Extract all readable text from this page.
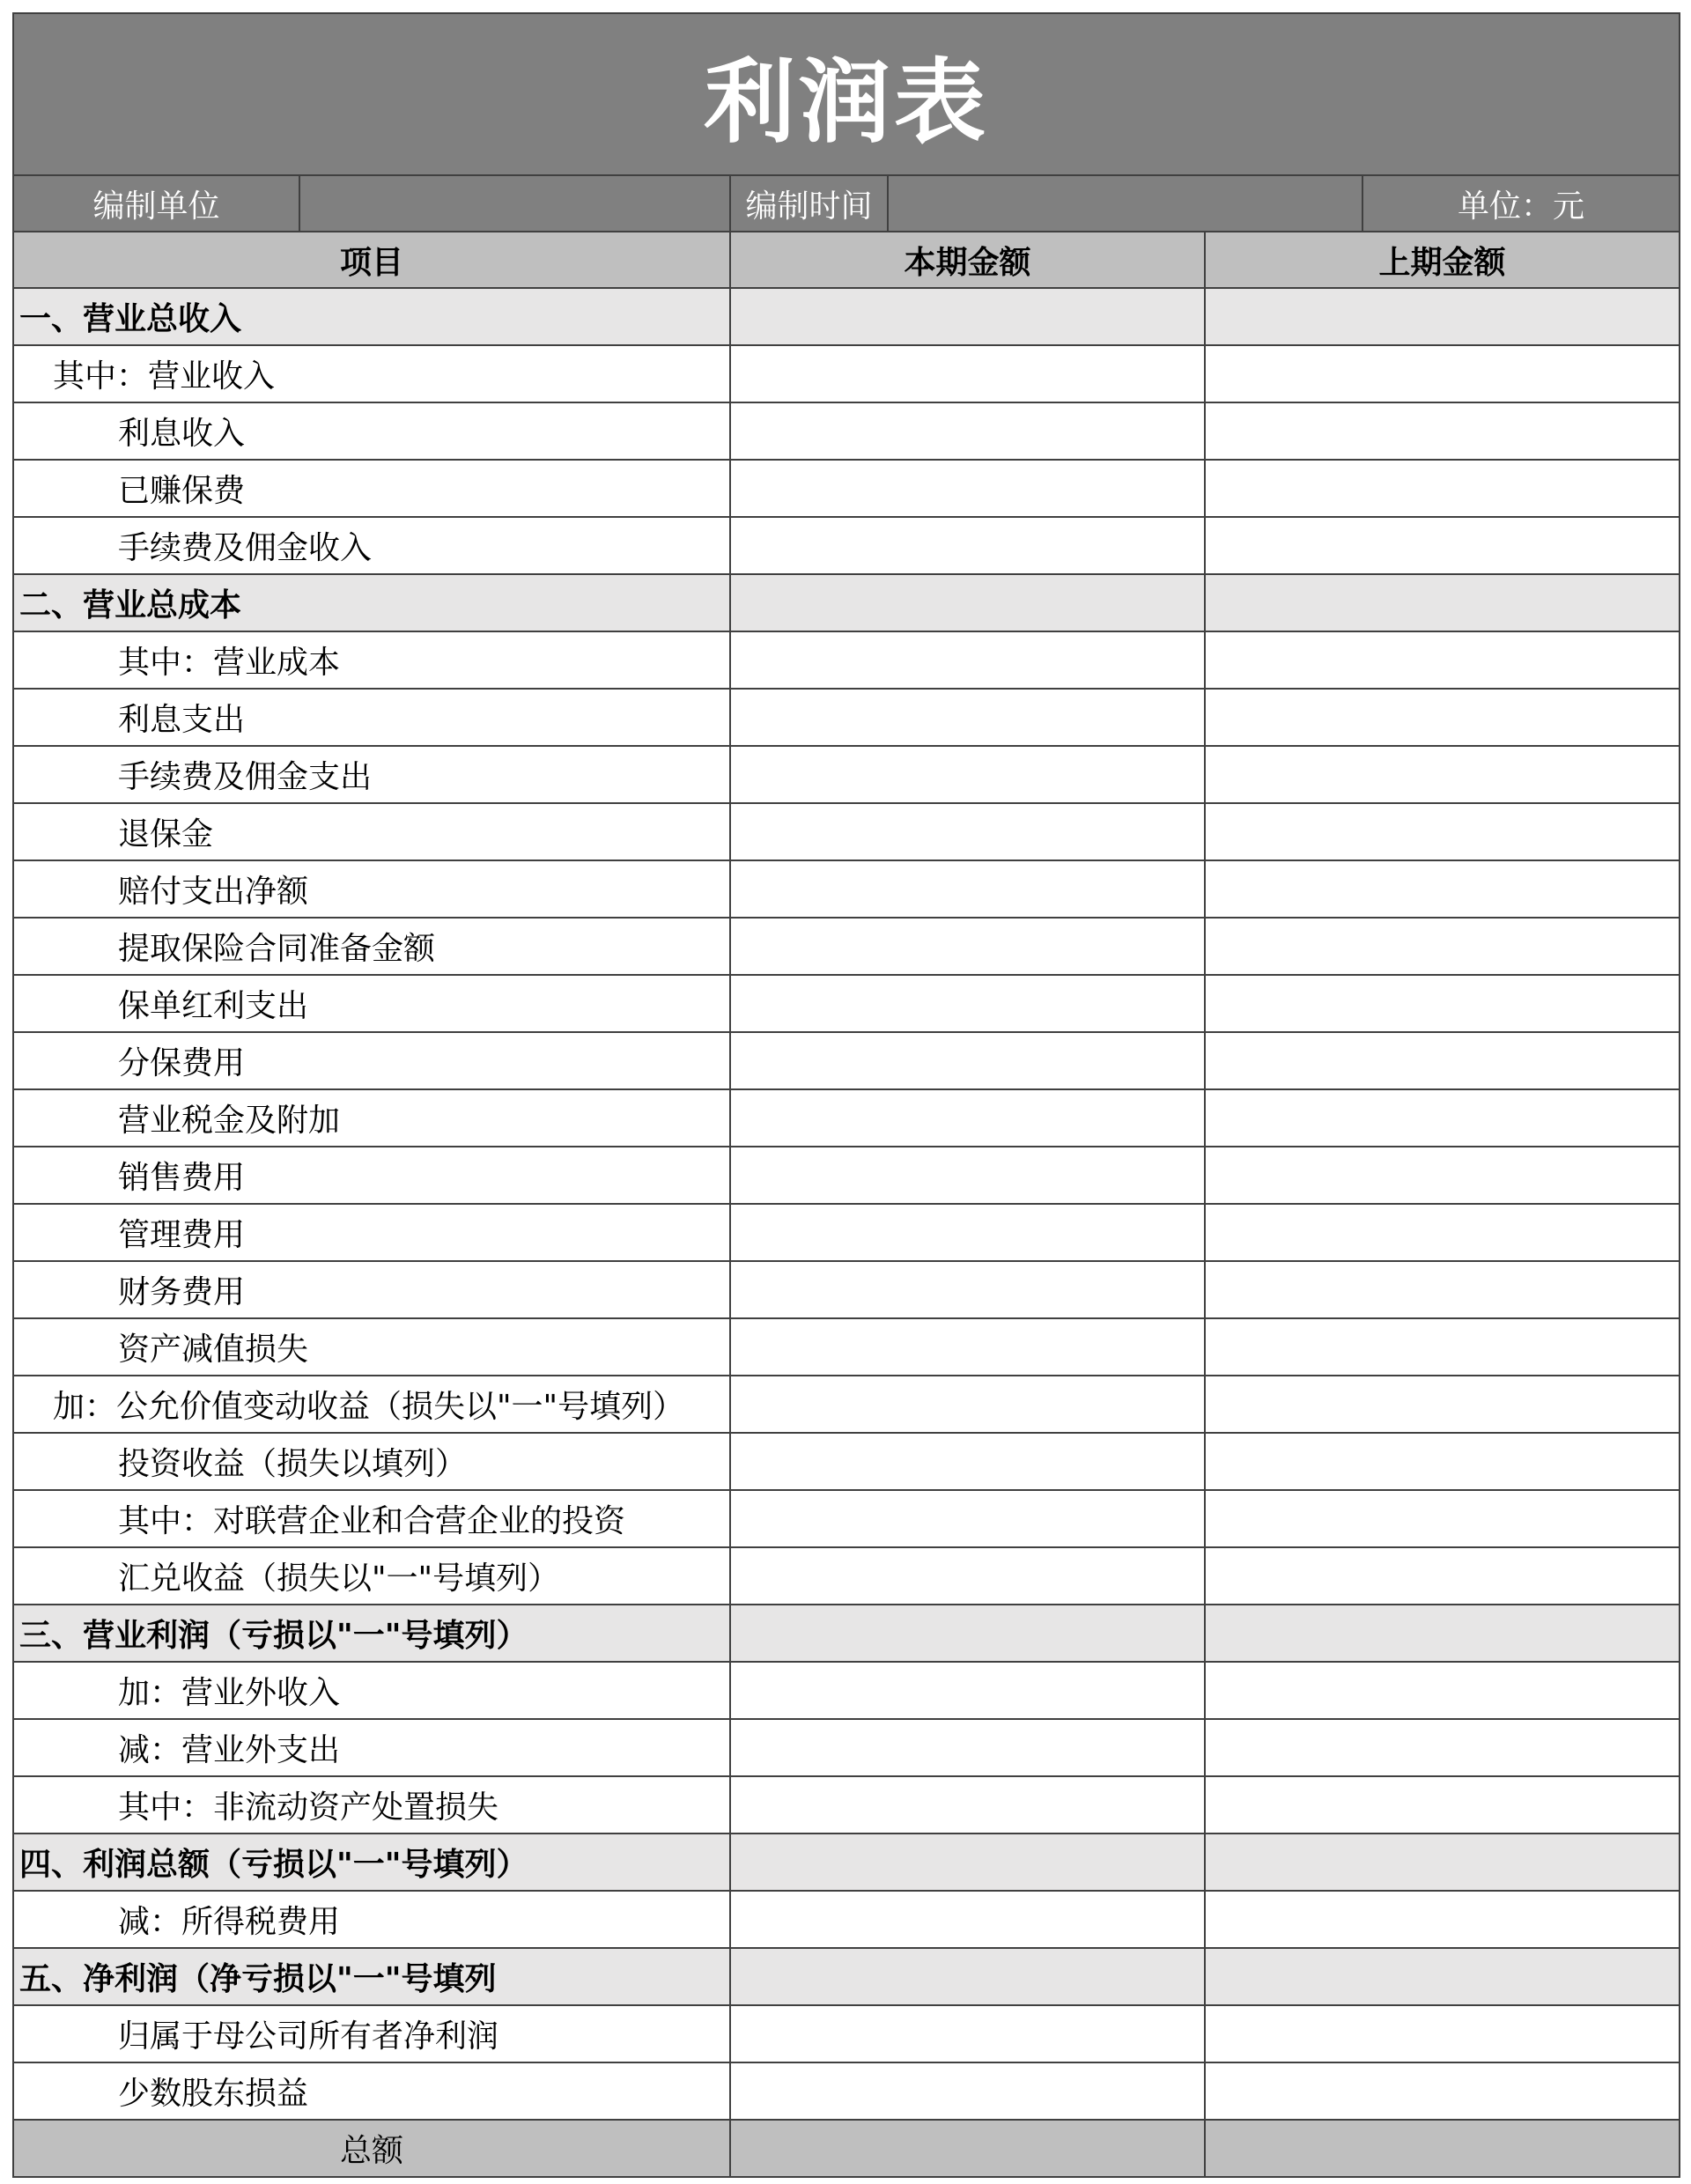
利润表
编制单位	编制时间	单位：元
项目	本期金额	上期金额
一、营业总收入
其中：营业收入
利息收入
已赚保费
手续费及佣金收入
二、营业总成本
其中：营业成本
利息支出
手续费及佣金支出
退保金
赔付支出净额
提取保险合同准备金额
保单红利支出
分保费用
营业税金及附加
销售费用
管理费用
财务费用
资产减值损失
加：公允价值变动收益（损失以"一"号填列）
投资收益（损失以填列）
其中：对联营企业和合营企业的投资
汇兑收益（损失以"一"号填列）
三、营业利润（亏损以"一"号填列）
加：营业外收入
减：营业外支出
其中：非流动资产处置损失
四、利润总额（亏损以"一"号填列）
减：所得税费用
五、净利润（净亏损以"一"号填列
归属于母公司所有者净利润
少数股东损益
总额
